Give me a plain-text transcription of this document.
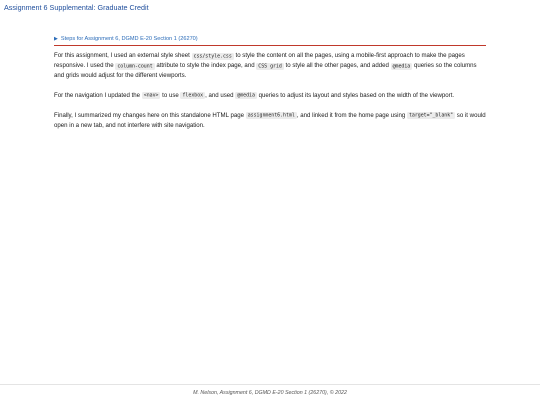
Assignment 6 Supplemental: Graduate Credit
▶ Steps for Assignment 6, DGMD E-20 Section 1 (26270)

For this assignment, I used an external style sheet css/style.css to style the content on all the pages, using a mobile-first approach to make the pages responsive. I used the column-count attribute to style the index page, and CSS grid to style all the other pages, and added @media queries so the columns and grids would adjust for the different viewports.

For the navigation I updated the <nav> to use flexbox , and used @media queries to adjust its layout and styles based on the width of the viewport.

Finally, I summarized my changes here on this standalone HTML page assignment6.html , and linked it from the home page using target="_blank" so it would open in a new tab, and not interfere with site navigation.

M. Nelson, Assignment 6, DGMD E-20 Section 1 (26270), © 2022
